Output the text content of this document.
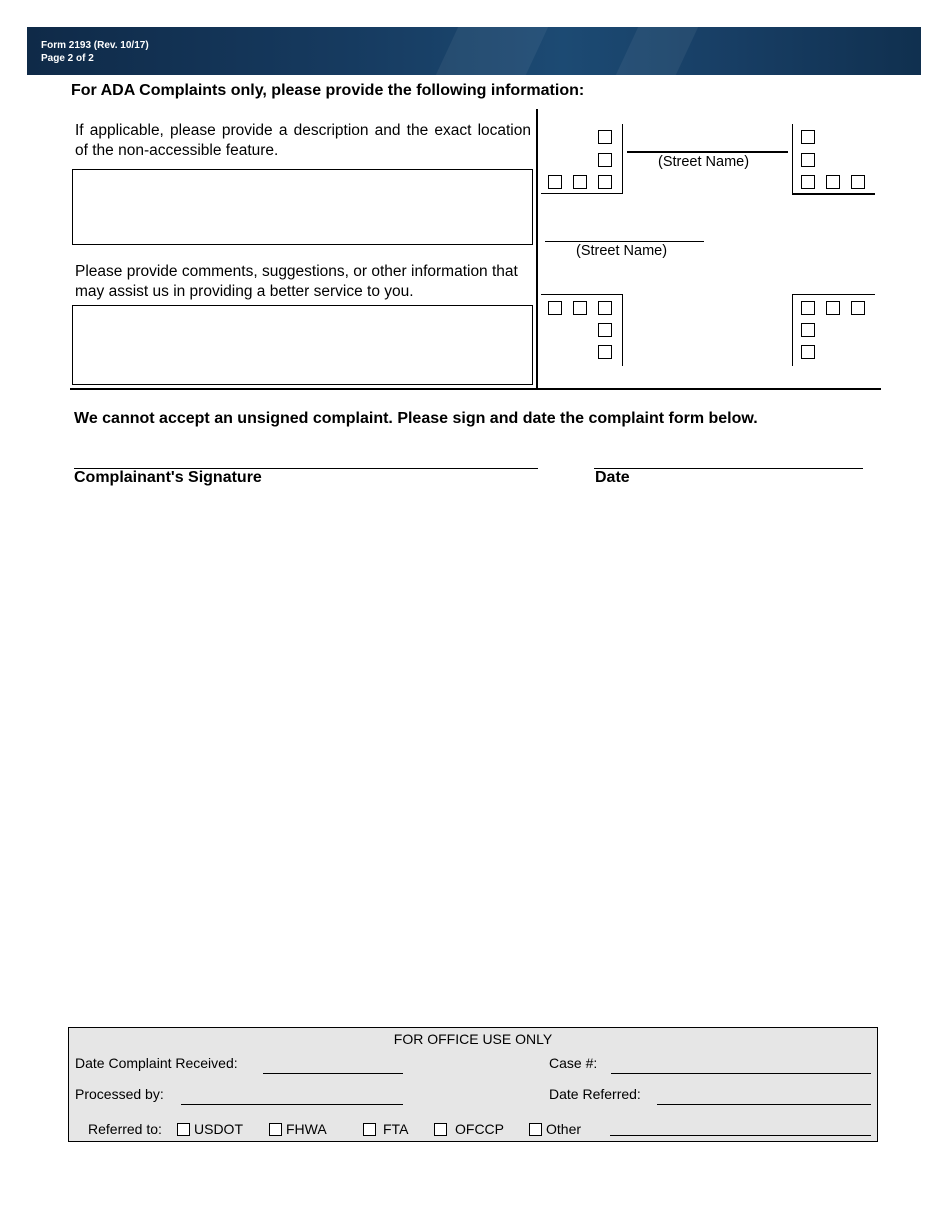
Form 2193 (Rev. 10/17)
Page 2 of 2
For ADA Complaints only, please provide the following information:
If applicable, please provide a description and the exact location of the non-accessible feature.
Please provide comments, suggestions, or other information that may assist us in providing a better service to you.
(Street Name)
(Street Name)
We cannot accept an unsigned complaint. Please sign and date the complaint form below.
Complainant's Signature	Date
FOR OFFICE USE ONLY
Date Complaint Received:	Case #:
Processed by:	Date Referred:
Referred to: USDOT	FHWA	FTA	OFCCP	Other
